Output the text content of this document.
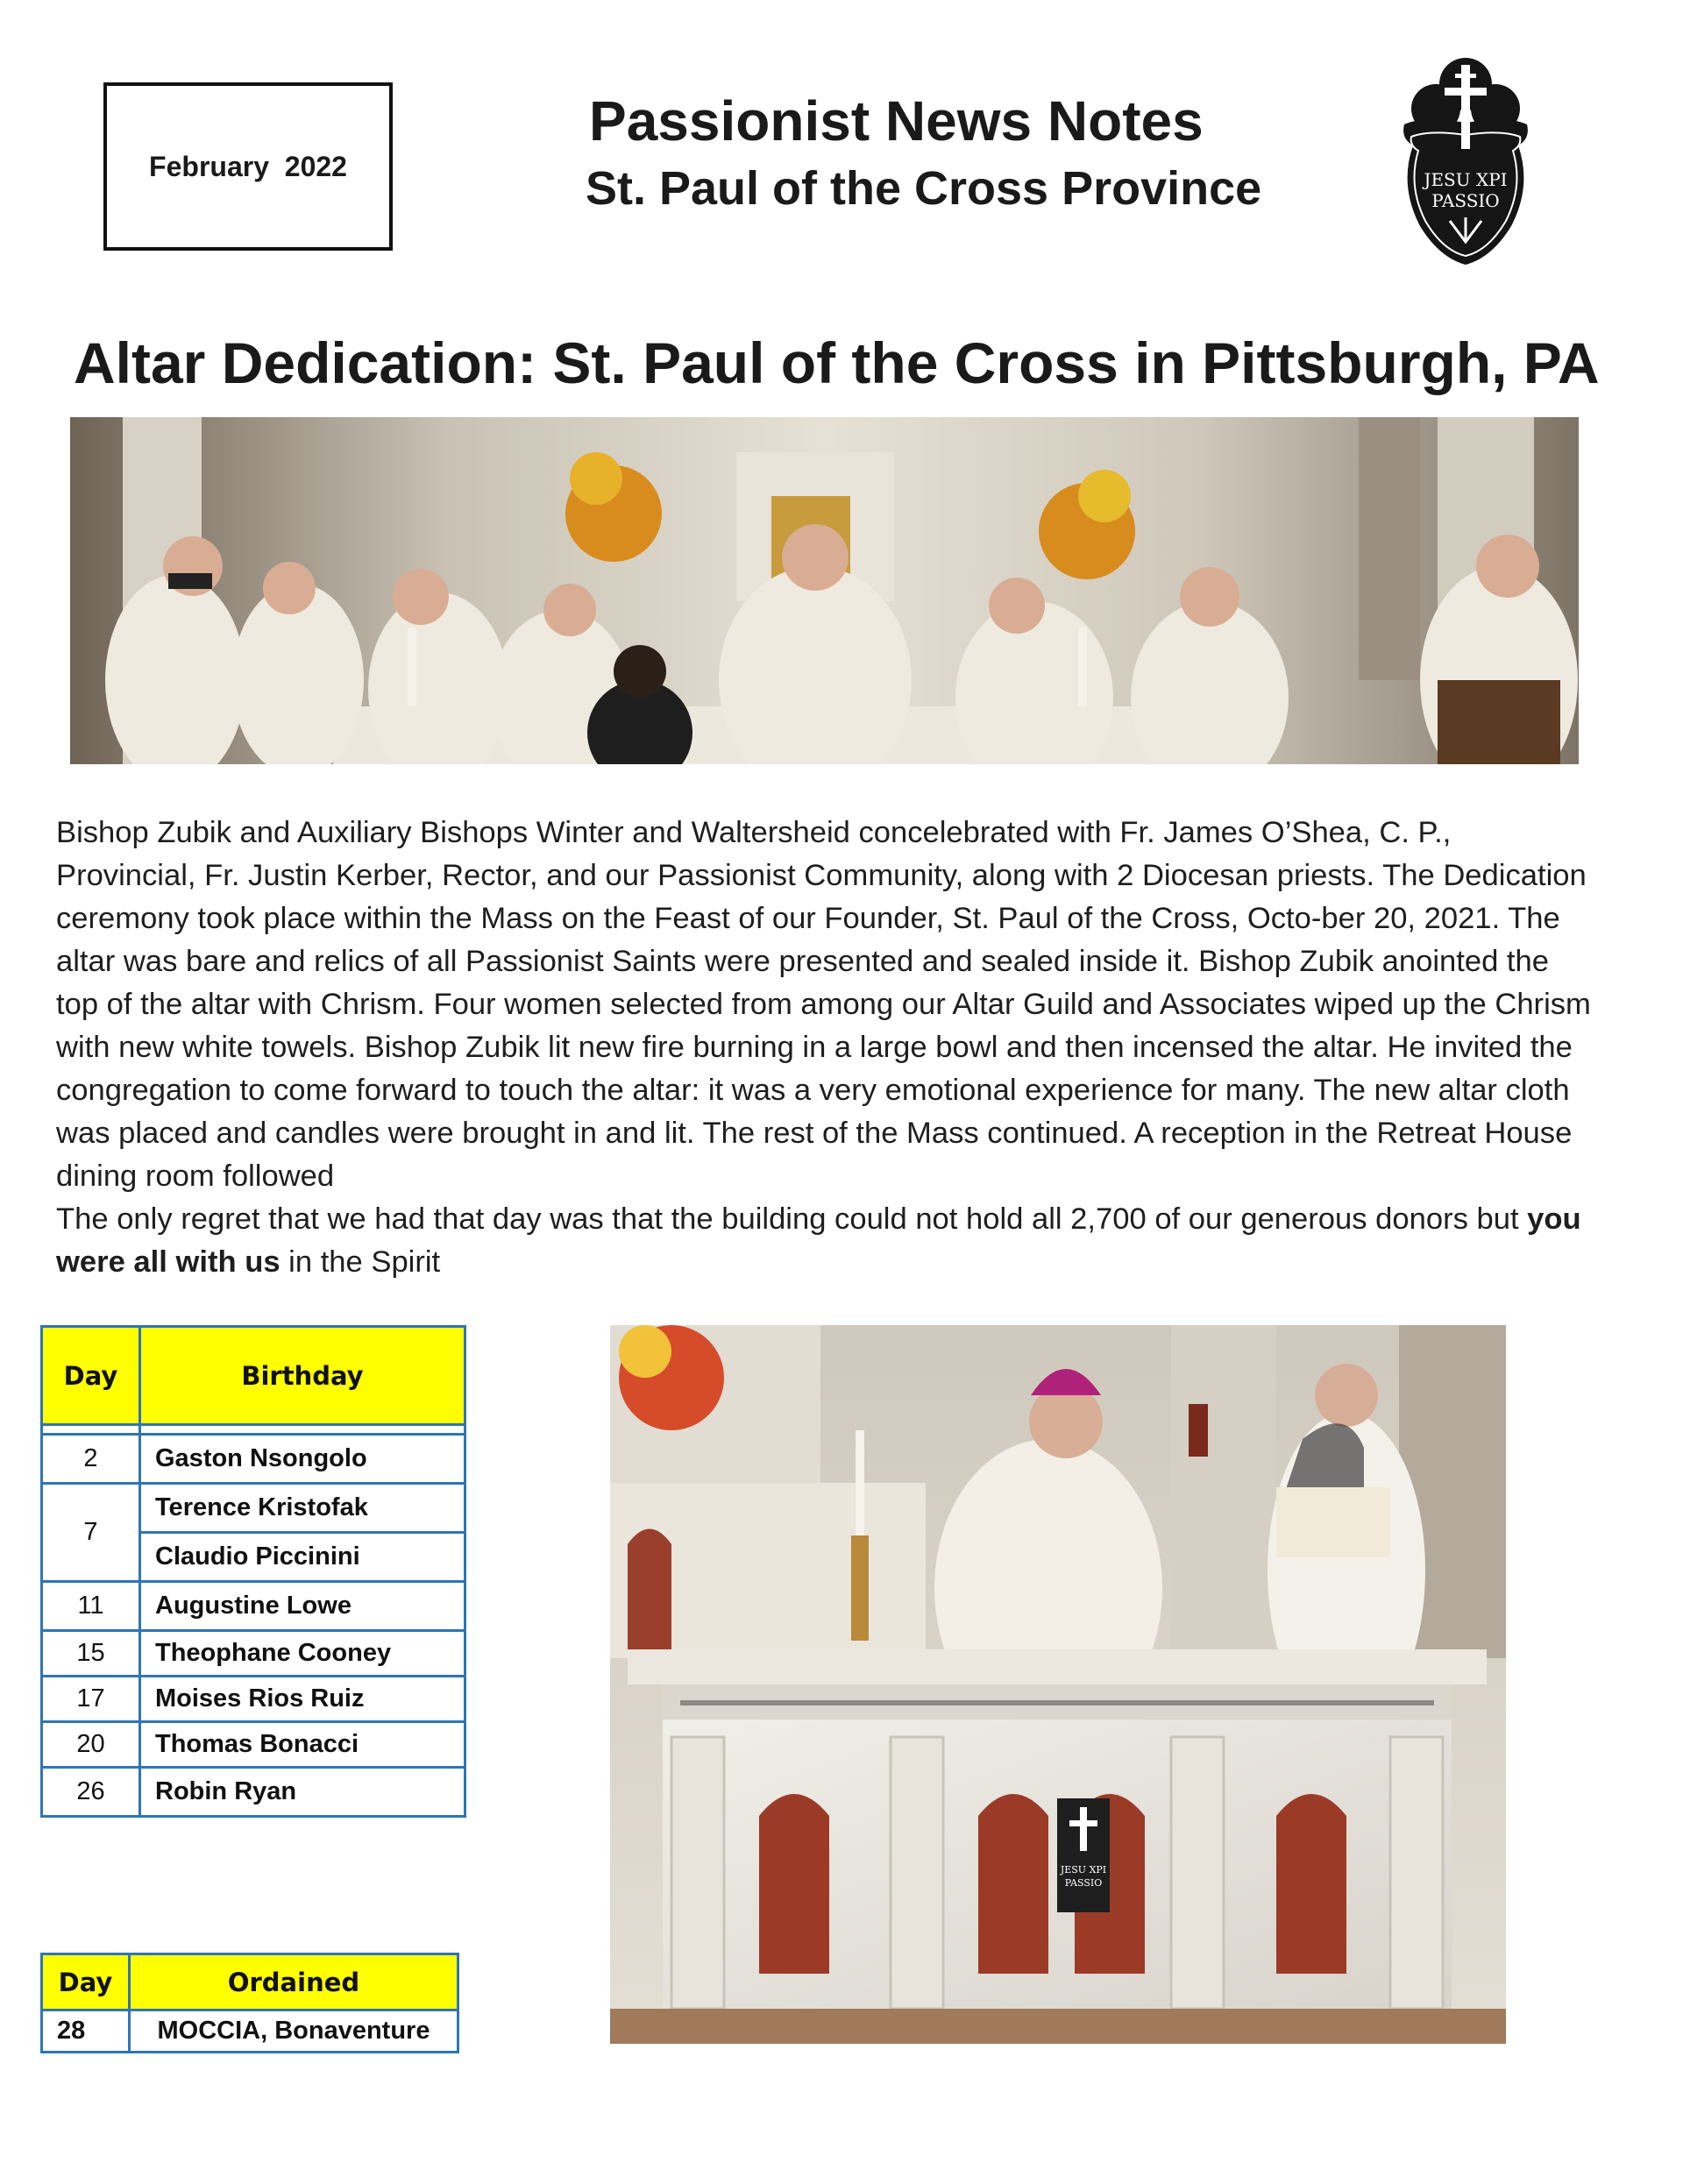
February  2022
Passionist News Notes
St. Paul of the Cross Province	JESU XPI
PASSIO
Altar Dedication: St. Paul of the Cross in Pittsburgh, PA

Bishop Zubik and Auxiliary Bishops Winter and Waltersheid concelebrated with Fr. James O’Shea, C. P., Provincial, Fr. Justin Kerber, Rector, and our Passionist Community, along with 2 Diocesan priests. The Dedication ceremony took place within the Mass on the Feast of our Founder, St. Paul of the Cross, Octo-ber 20, 2021. The altar was bare and relics of all Passionist Saints were presented and sealed inside it. Bishop Zubik anointed the top of the altar with Chrism. Four women selected from among our Altar Guild and Associates wiped up the Chrism with new white towels. Bishop Zubik lit new fire burning in a large bowl and then incensed the altar. He invited the congregation to come forward to touch the altar: it was a very emotional experience for many. The new altar cloth was placed and candles were brought in and lit. The rest of the Mass continued. A reception in the Retreat House dining room followed

The only regret that we had that day was that the building could not hold all 2,700 of our generous donors but you were all with us in the Spirit

Day	Birthday

2	Gaston Nsongolo
7	Terence Kristofak
	Claudio Piccinini
11	Augustine Lowe
15	Theophane Cooney
17	Moises Rios Ruiz
20	Thomas Bonacci
26	Robin Ryan
Day	Ordained
28	MOCCIA, Bonaventure
JESU XPI
PASSIO
